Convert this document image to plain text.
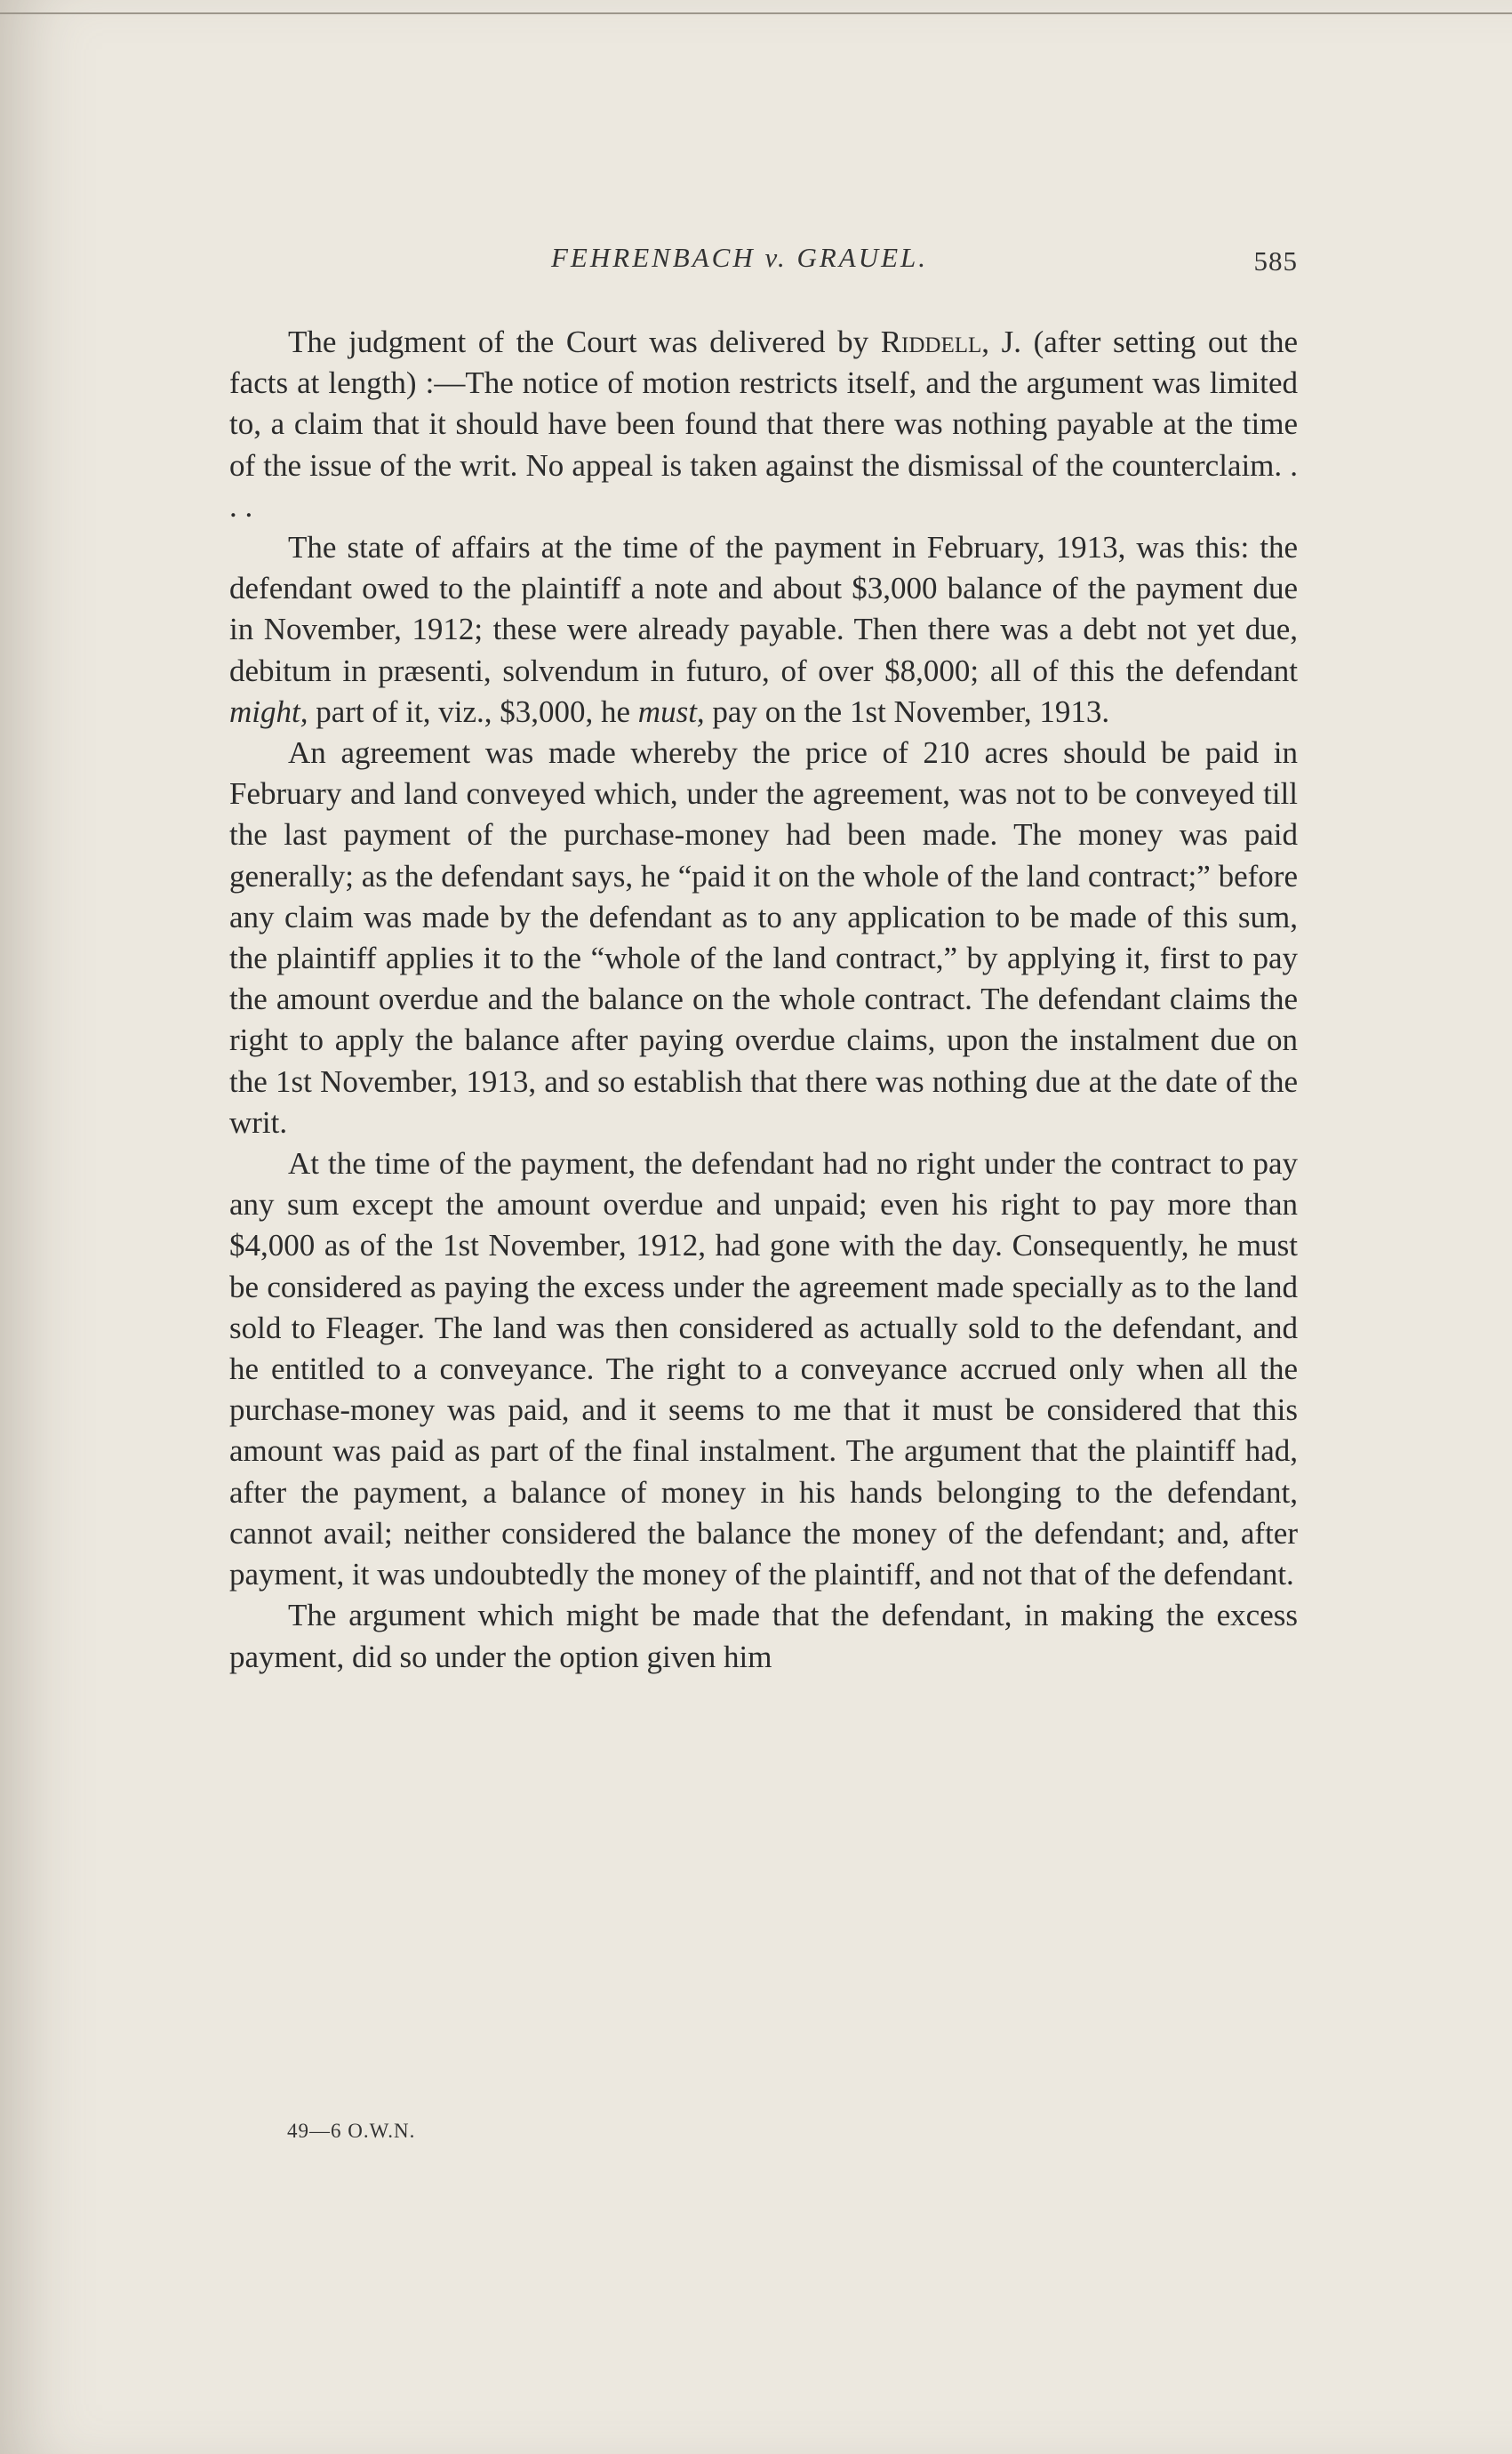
FEHRENBACH v. GRAUEL.	585

The judgment of the Court was delivered by Riddell, J. (after setting out the facts at length) :—The notice of motion restricts itself, and the argument was limited to, a claim that it should have been found that there was nothing payable at the time of the issue of the writ. No appeal is taken against the dismissal of the counterclaim. . . .

The state of affairs at the time of the payment in February, 1913, was this: the defendant owed to the plaintiff a note and about $3,000 balance of the payment due in November, 1912; these were already payable. Then there was a debt not yet due, debitum in præsenti, solvendum in futuro, of over $8,000; all of this the defendant might, part of it, viz., $3,000, he must, pay on the 1st November, 1913.

An agreement was made whereby the price of 210 acres should be paid in February and land conveyed which, under the agreement, was not to be conveyed till the last payment of the purchase-money had been made. The money was paid generally; as the defendant says, he “paid it on the whole of the land contract;” before any claim was made by the defendant as to any application to be made of this sum, the plaintiff applies it to the “whole of the land contract,” by applying it, first to pay the amount overdue and the balance on the whole contract. The defendant claims the right to apply the balance after paying overdue claims, upon the instalment due on the 1st November, 1913, and so establish that there was nothing due at the date of the writ.

At the time of the payment, the defendant had no right under the contract to pay any sum except the amount overdue and unpaid; even his right to pay more than $4,000 as of the 1st November, 1912, had gone with the day. Consequently, he must be considered as paying the excess under the agreement made specially as to the land sold to Fleager. The land was then considered as actually sold to the defendant, and he entitled to a conveyance. The right to a conveyance accrued only when all the purchase-money was paid, and it seems to me that it must be considered that this amount was paid as part of the final instalment. The argument that the plaintiff had, after the payment, a balance of money in his hands belonging to the defendant, cannot avail; neither considered the balance the money of the defendant; and, after payment, it was undoubtedly the money of the plaintiff, and not that of the defendant.

The argument which might be made that the defendant, in making the excess payment, did so under the option given him

49—6 O.W.N.
